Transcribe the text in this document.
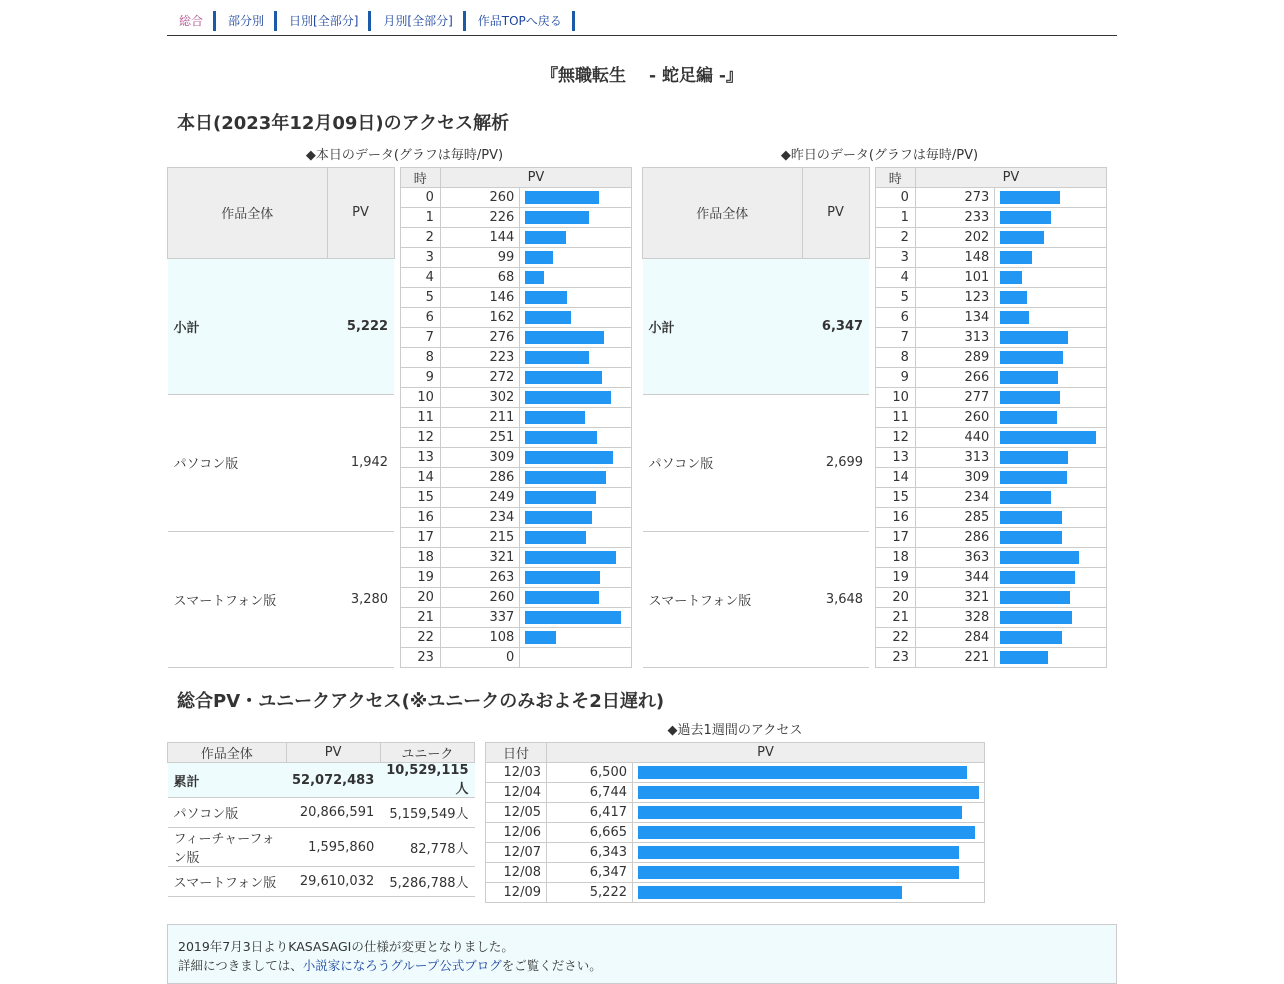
総合	部分別	日別[全部分]	月別[全部分]	作品TOPへ戻る
『無職転生　 - 蛇足編 -』
本日(2023年12月09日)のアクセス解析
◆本日のデータ(グラフは毎時/PV)
作品全体	PV
小計	5,222
パソコン版	1,942
スマートフォン版	3,280
時	PV	
0	260	

1	226	

2	144	

3	99	

4	68	

5	146	

6	162	

7	276	

8	223	

9	272	

10	302	

11	211	

12	251	

13	309	

14	286	

15	249	

16	234	

17	215	

18	321	

19	263	

20	260	

21	337	

22	108	

23	0	
◆昨日のデータ(グラフは毎時/PV)
作品全体	PV
小計	6,347
パソコン版	2,699
スマートフォン版	3,648
時	PV	
0	273	

1	233	

2	202	

3	148	

4	101	

5	123	

6	134	

7	313	

8	289	

9	266	

10	277	

11	260	

12	440	

13	313	

14	309	

15	234	

16	285	

17	286	

18	363	

19	344	

20	321	

21	328	

22	284	

23	221	
総合PV・ユニークアクセス(※ユニークのみおよそ2日遅れ)
作品全体	PV	ユニーク
累計	52,072,483	10,529,115人
パソコン版	20,866,591	5,159,549人
フィーチャーフォン版	1,595,860	82,778人
スマートフォン版	29,610,032	5,286,788人
◆過去1週間のアクセス
日付	PV	
12/03	6,500	

12/04	6,744	

12/05	6,417	

12/06	6,665	

12/07	6,343	

12/08	6,347	

12/09	5,222	
2019年7月3日よりKASASAGIの仕様が変更となりました。
詳細につきましては、小説家になろうグループ公式ブログをご覧ください。
